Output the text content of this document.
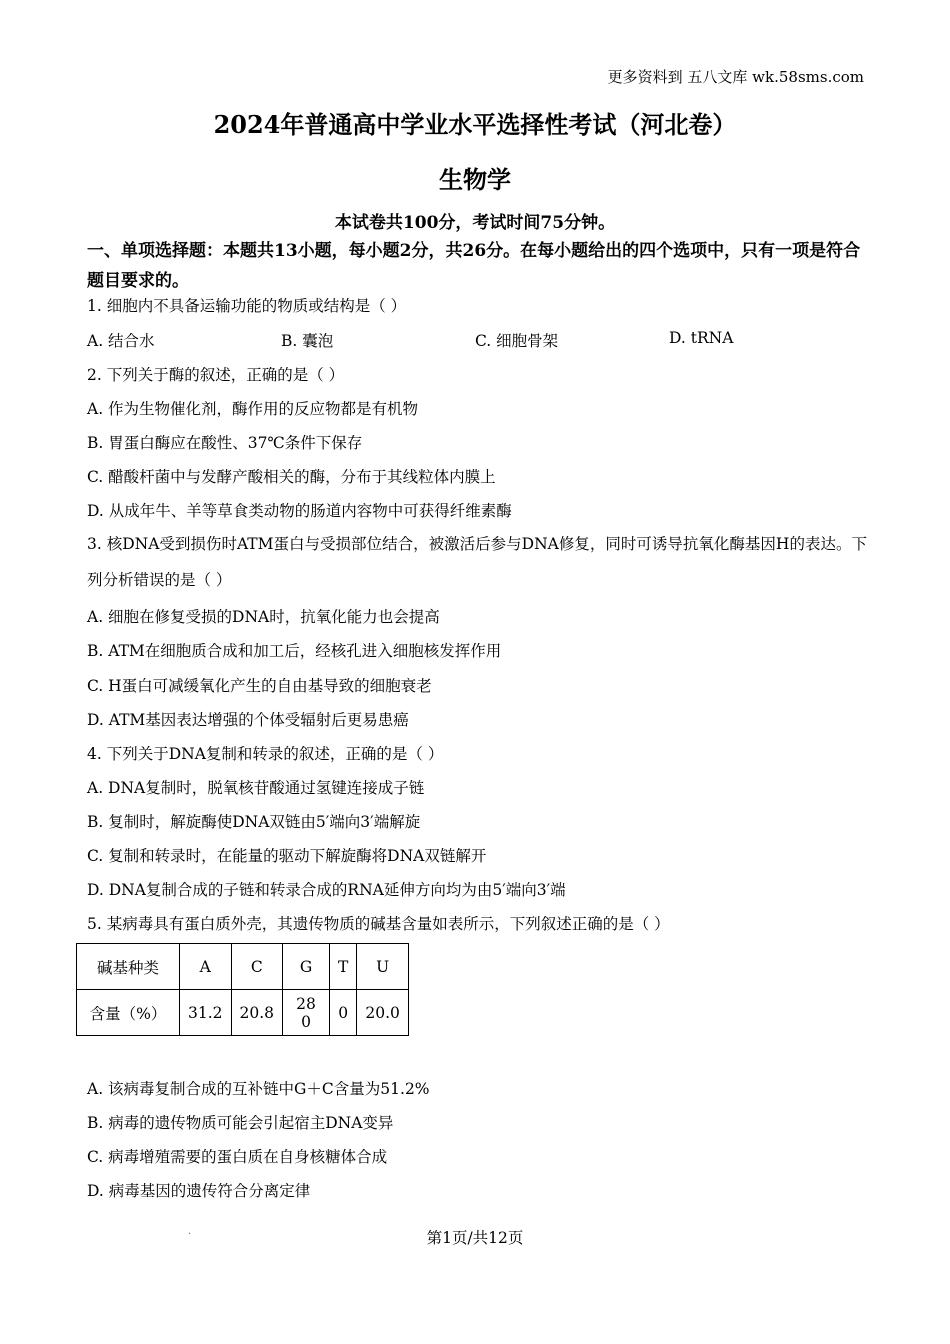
更多资料到 五八文库 wk.58sms.com
2024年普通高中学业水平选择性考试（河北卷）
生物学
本试卷共100分，考试时间75分钟。
一、单项选择题：本题共13小题，每小题2分，共26分。在每小题给出的四个选项中，只有一项是符合题目要求的。
1. 细胞内不具备运输功能的物质或结构是（ ）
A. 结合水	B. 囊泡	C. 细胞骨架	D. tRNA
2. 下列关于酶的叙述，正确的是（ ）
A. 作为生物催化剂，酶作用的反应物都是有机物
B. 胃蛋白酶应在酸性、37℃条件下保存
C. 醋酸杆菌中与发酵产酸相关的酶，分布于其线粒体内膜上
D. 从成年牛、羊等草食类动物的肠道内容物中可获得纤维素酶
3. 核DNA受到损伤时ATM蛋白与受损部位结合，被激活后参与DNA修复，同时可诱导抗氧化酶基因H的表达。下列分析错误的是（ ）
A. 细胞在修复受损的DNA时，抗氧化能力也会提高
B. ATM在细胞质合成和加工后，经核孔进入细胞核发挥作用
C. H蛋白可减缓氧化产生的自由基导致的细胞衰老
D. ATM基因表达增强的个体受辐射后更易患癌
4. 下列关于DNA复制和转录的叙述，正确的是（ ）
A. DNA复制时，脱氧核苷酸通过氢键连接成子链
B. 复制时，解旋酶使DNA双链由5′端向3′端解旋
C. 复制和转录时，在能量的驱动下解旋酶将DNA双链解开
D. DNA复制合成的子链和转录合成的RNA延伸方向均为由5′端向3′端
5. 某病毒具有蛋白质外壳，其遗传物质的碱基含量如表所示，下列叙述正确的是（ ）
碱基种类	A	C	G	T	U
含量（%）	31.2	20.8	28 0	0	20.0
A. 该病毒复制合成的互补链中G＋C含量为51.2%
B. 病毒的遗传物质可能会引起宿主DNA变异
C. 病毒增殖需要的蛋白质在自身核糖体合成
D. 病毒基因的遗传符合分离定律
.	第1页/共12页
